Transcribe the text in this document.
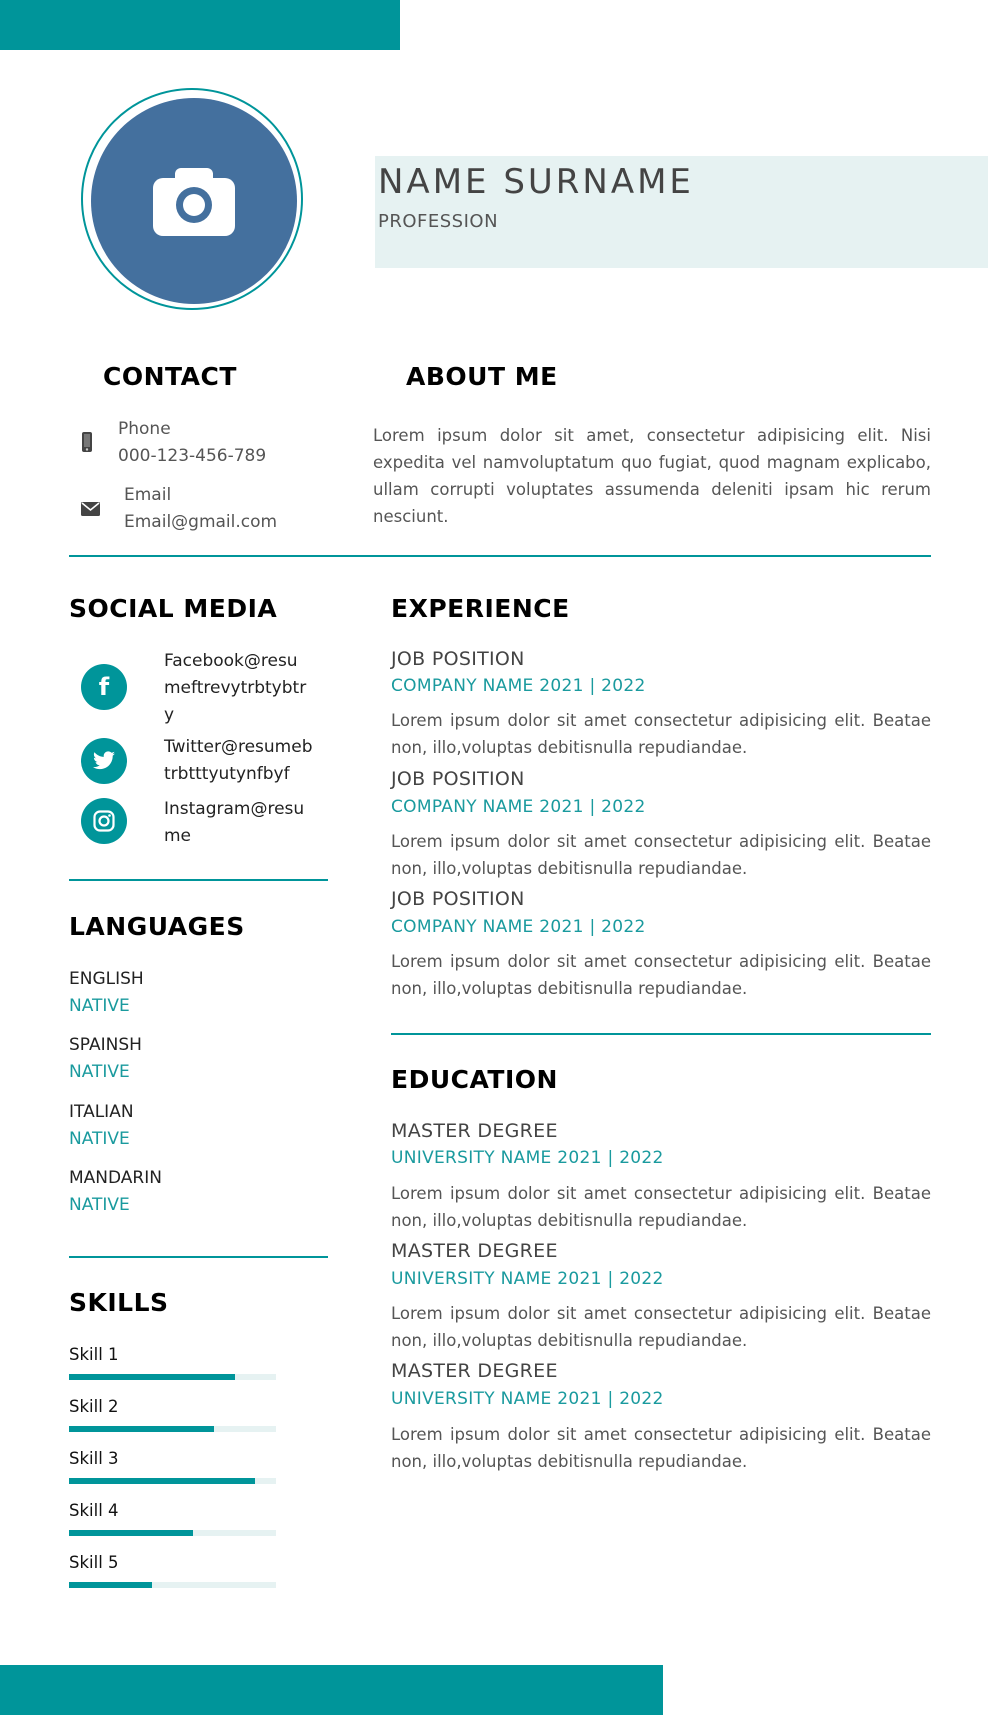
NAME SURNAME
PROFESSION
CONTACT
Phone
000-123-456-789
Email
Email@gmail.com
ABOUT ME
Lorem ipsum dolor sit amet, consectetur adipisicing elit. Nisi expedita vel namvoluptatum quo fugiat, quod magnam explicabo, ullam corrupti voluptates assumenda deleniti ipsam hic rerum nesciunt.
SOCIAL MEDIA
f
Facebook@resumeftrevytrbtybtry
Twitter@resumebtrbtttyutynfbyf
Instagram@resume
LANGUAGES
ENGLISH
NATIVE
SPAINSH
NATIVE
ITALIAN
NATIVE
MANDARIN
NATIVE
SKILLS
Skill 1
Skill 2
Skill 3
Skill 4
Skill 5
EXPERIENCE
JOB POSITION
COMPANY NAME 2021 | 2022
Lorem ipsum dolor sit amet consectetur adipisicing elit. Beatae non, illo,voluptas debitisnulla repudiandae.
JOB POSITION
COMPANY NAME 2021 | 2022
Lorem ipsum dolor sit amet consectetur adipisicing elit. Beatae non, illo,voluptas debitisnulla repudiandae.
JOB POSITION
COMPANY NAME 2021 | 2022
Lorem ipsum dolor sit amet consectetur adipisicing elit. Beatae non, illo,voluptas debitisnulla repudiandae.
EDUCATION
MASTER DEGREE
UNIVERSITY NAME 2021 | 2022
Lorem ipsum dolor sit amet consectetur adipisicing elit. Beatae non, illo,voluptas debitisnulla repudiandae.
MASTER DEGREE
UNIVERSITY NAME 2021 | 2022
Lorem ipsum dolor sit amet consectetur adipisicing elit. Beatae non, illo,voluptas debitisnulla repudiandae.
MASTER DEGREE
UNIVERSITY NAME 2021 | 2022
Lorem ipsum dolor sit amet consectetur adipisicing elit. Beatae non, illo,voluptas debitisnulla repudiandae.
